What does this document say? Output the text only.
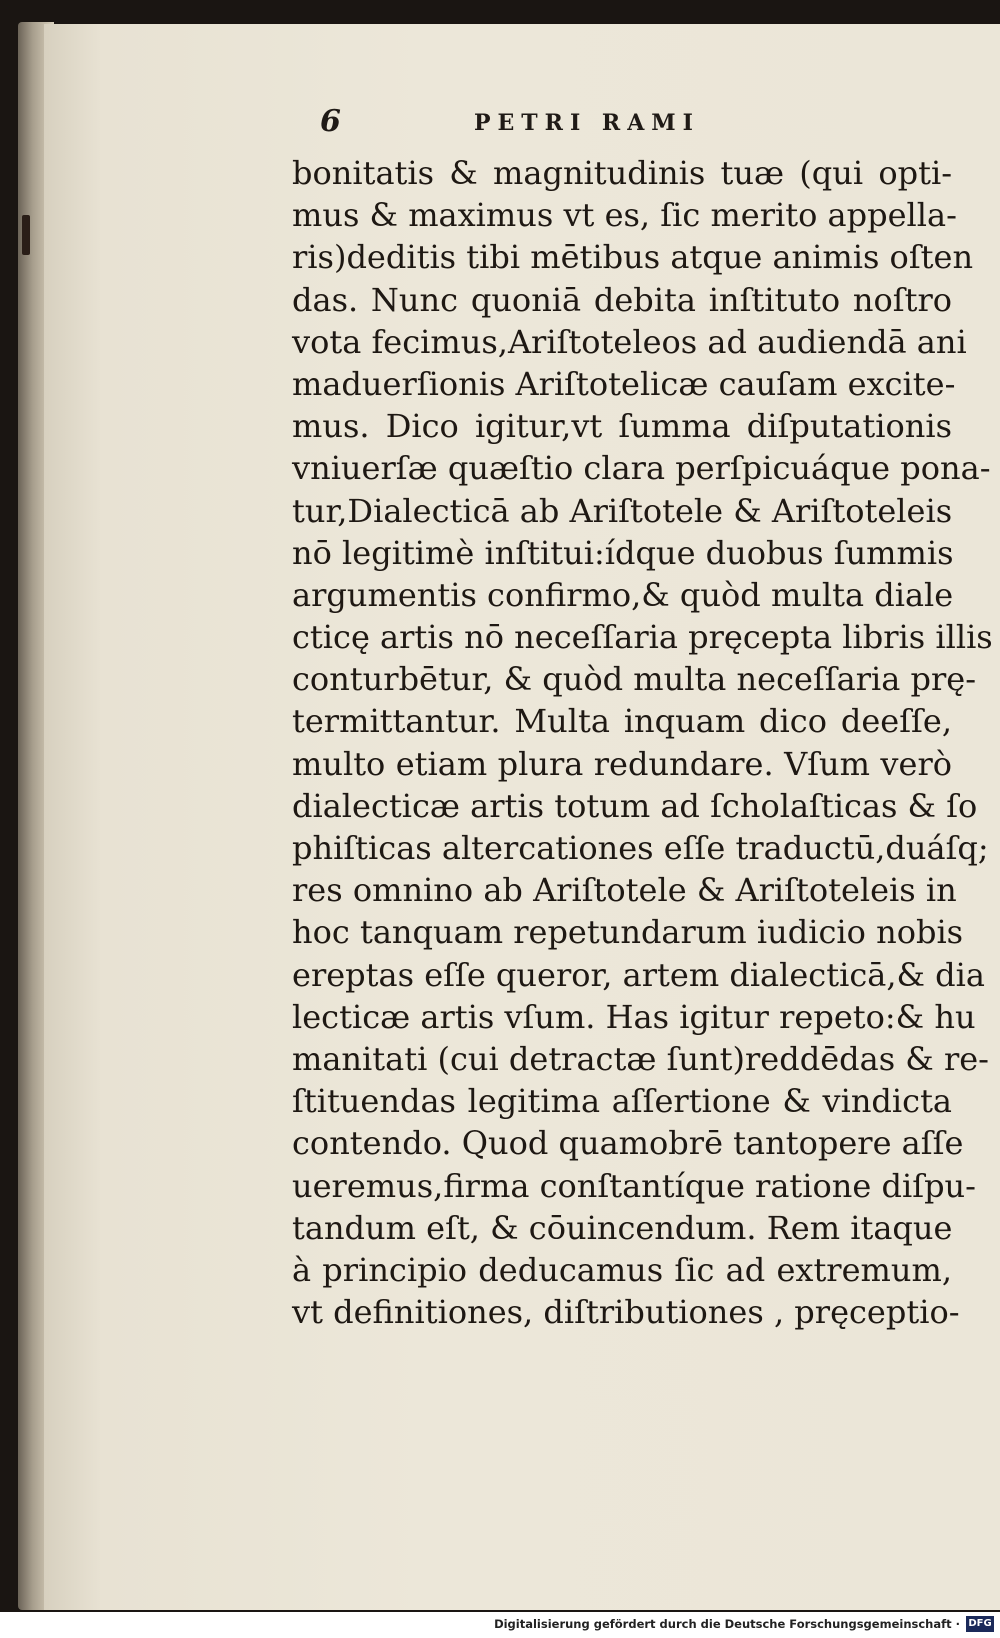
6	PETRI RAMI
bonitatis & magnitudinis tuæ (qui opti-
mus & maximus vt es, ſic merito appella-
ris)deditis tibi mētibus atque animis oſten
das. Nunc quoniā debita inſtituto noſtro
vota fecimus,Ariſtoteleos ad audiendā ani
maduerſionis Ariſtotelicæ cauſam excite-
mus. Dico igitur,vt ſumma diſputationis
vniuerſæ quæſtio clara perſpicuáque pona-
tur,Dialecticā ab Ariſtotele & Ariſtoteleis
nō legitimè inſtitui:ídque duobus ſummis
argumentis confirmo,& quòd multa diale
cticę artis nō neceſſaria pręcepta libris illis
conturbētur, & quòd multa neceſſaria prę-
termittantur. Multa inquam dico deeſſe,
multo etiam plura redundare. Vſum verò
dialecticæ artis totum ad ſcholaſticas & ſo
phiſticas altercationes eſſe traductū,duáſq;
res omnino ab Ariſtotele & Ariſtoteleis in
hoc tanquam repetundarum iudicio nobis
ereptas eſſe queror, artem dialecticā,& dia
lecticæ artis vſum. Has igitur repeto:& hu
manitati (cui detractæ ſunt)reddēdas & re-
ſtituendas legitima aſſertione & vindicta
contendo. Quod quamobrē tantopere aſſe
ueremus,firma conſtantíque ratione diſpu-
tandum eſt, & cōuincendum. Rem itaque
à principio deducamus ſic ad extremum,
vt definitiones, diſtributiones , pręceptio-
Digitalisierung gefördert durch die Deutsche Forschungsgemeinschaft · DFG
